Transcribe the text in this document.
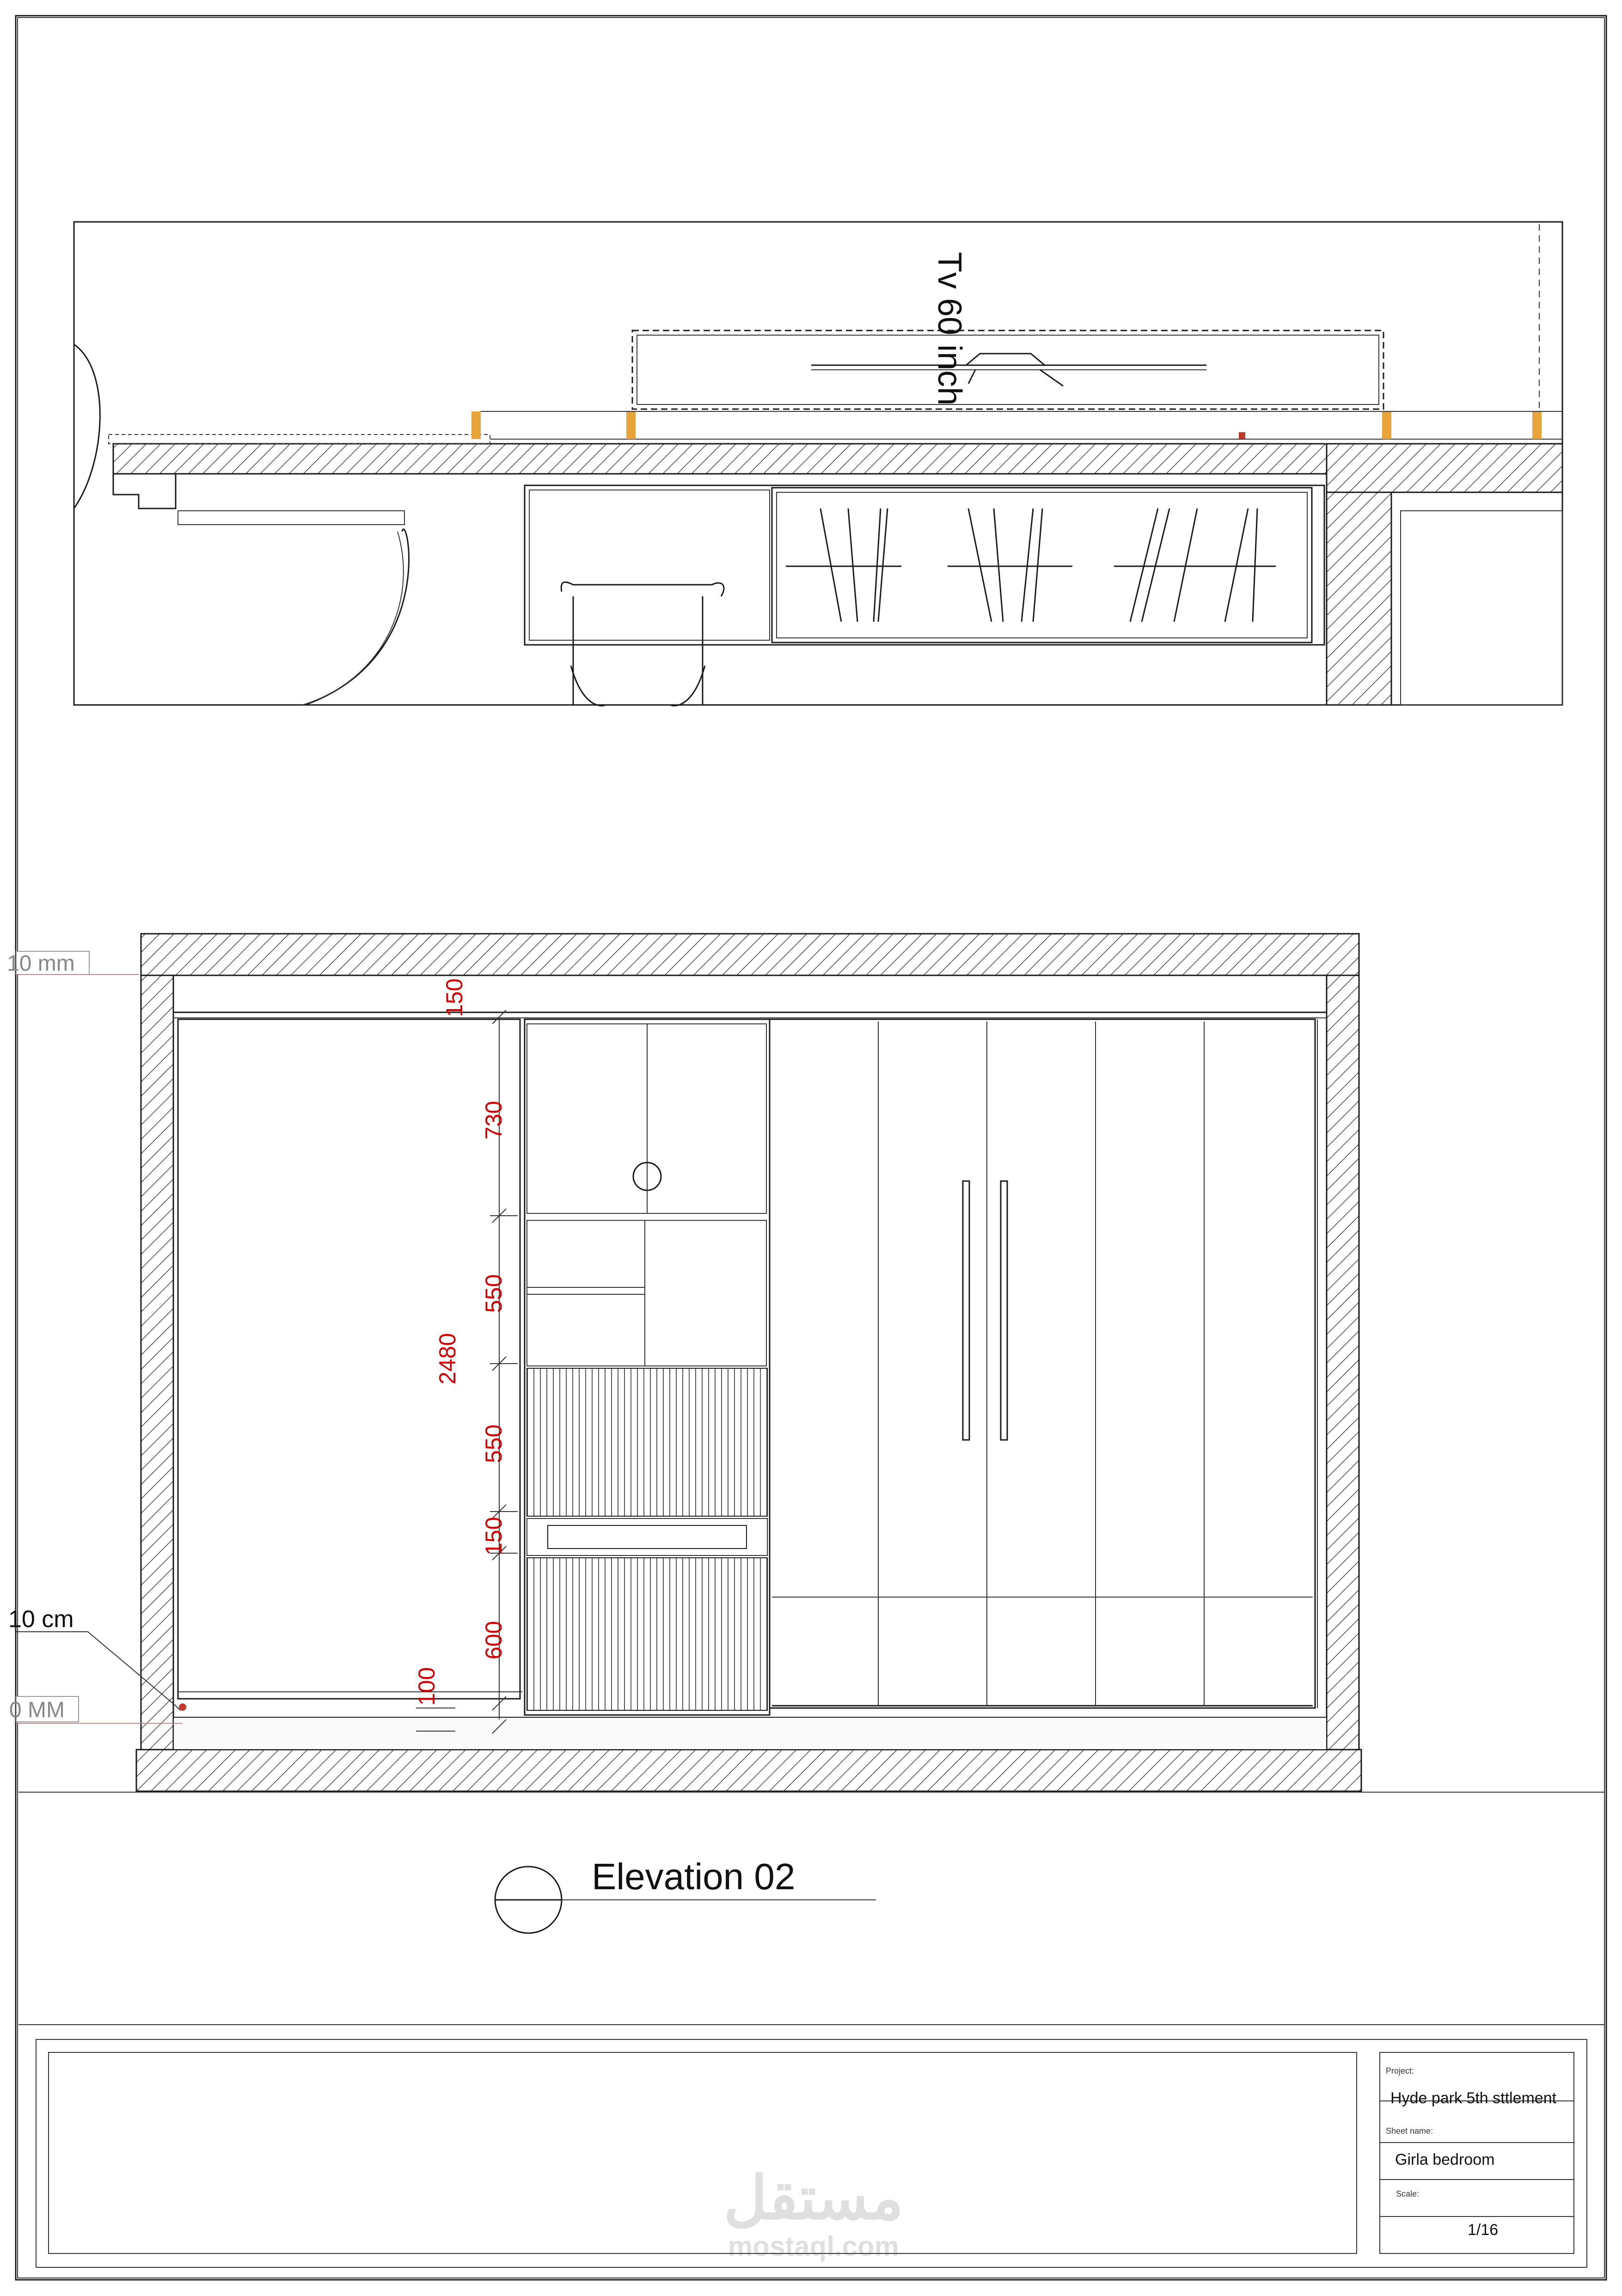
Tv 60 inch
150
730
2480
550
550
150
600
100
10 mm
10 cm
0 MM
Elevation 02
Project:
Hyde park 5th sttlement
Sheet name:
Girla bedroom
Scale:
1/16
مستقل
mostaql.com
